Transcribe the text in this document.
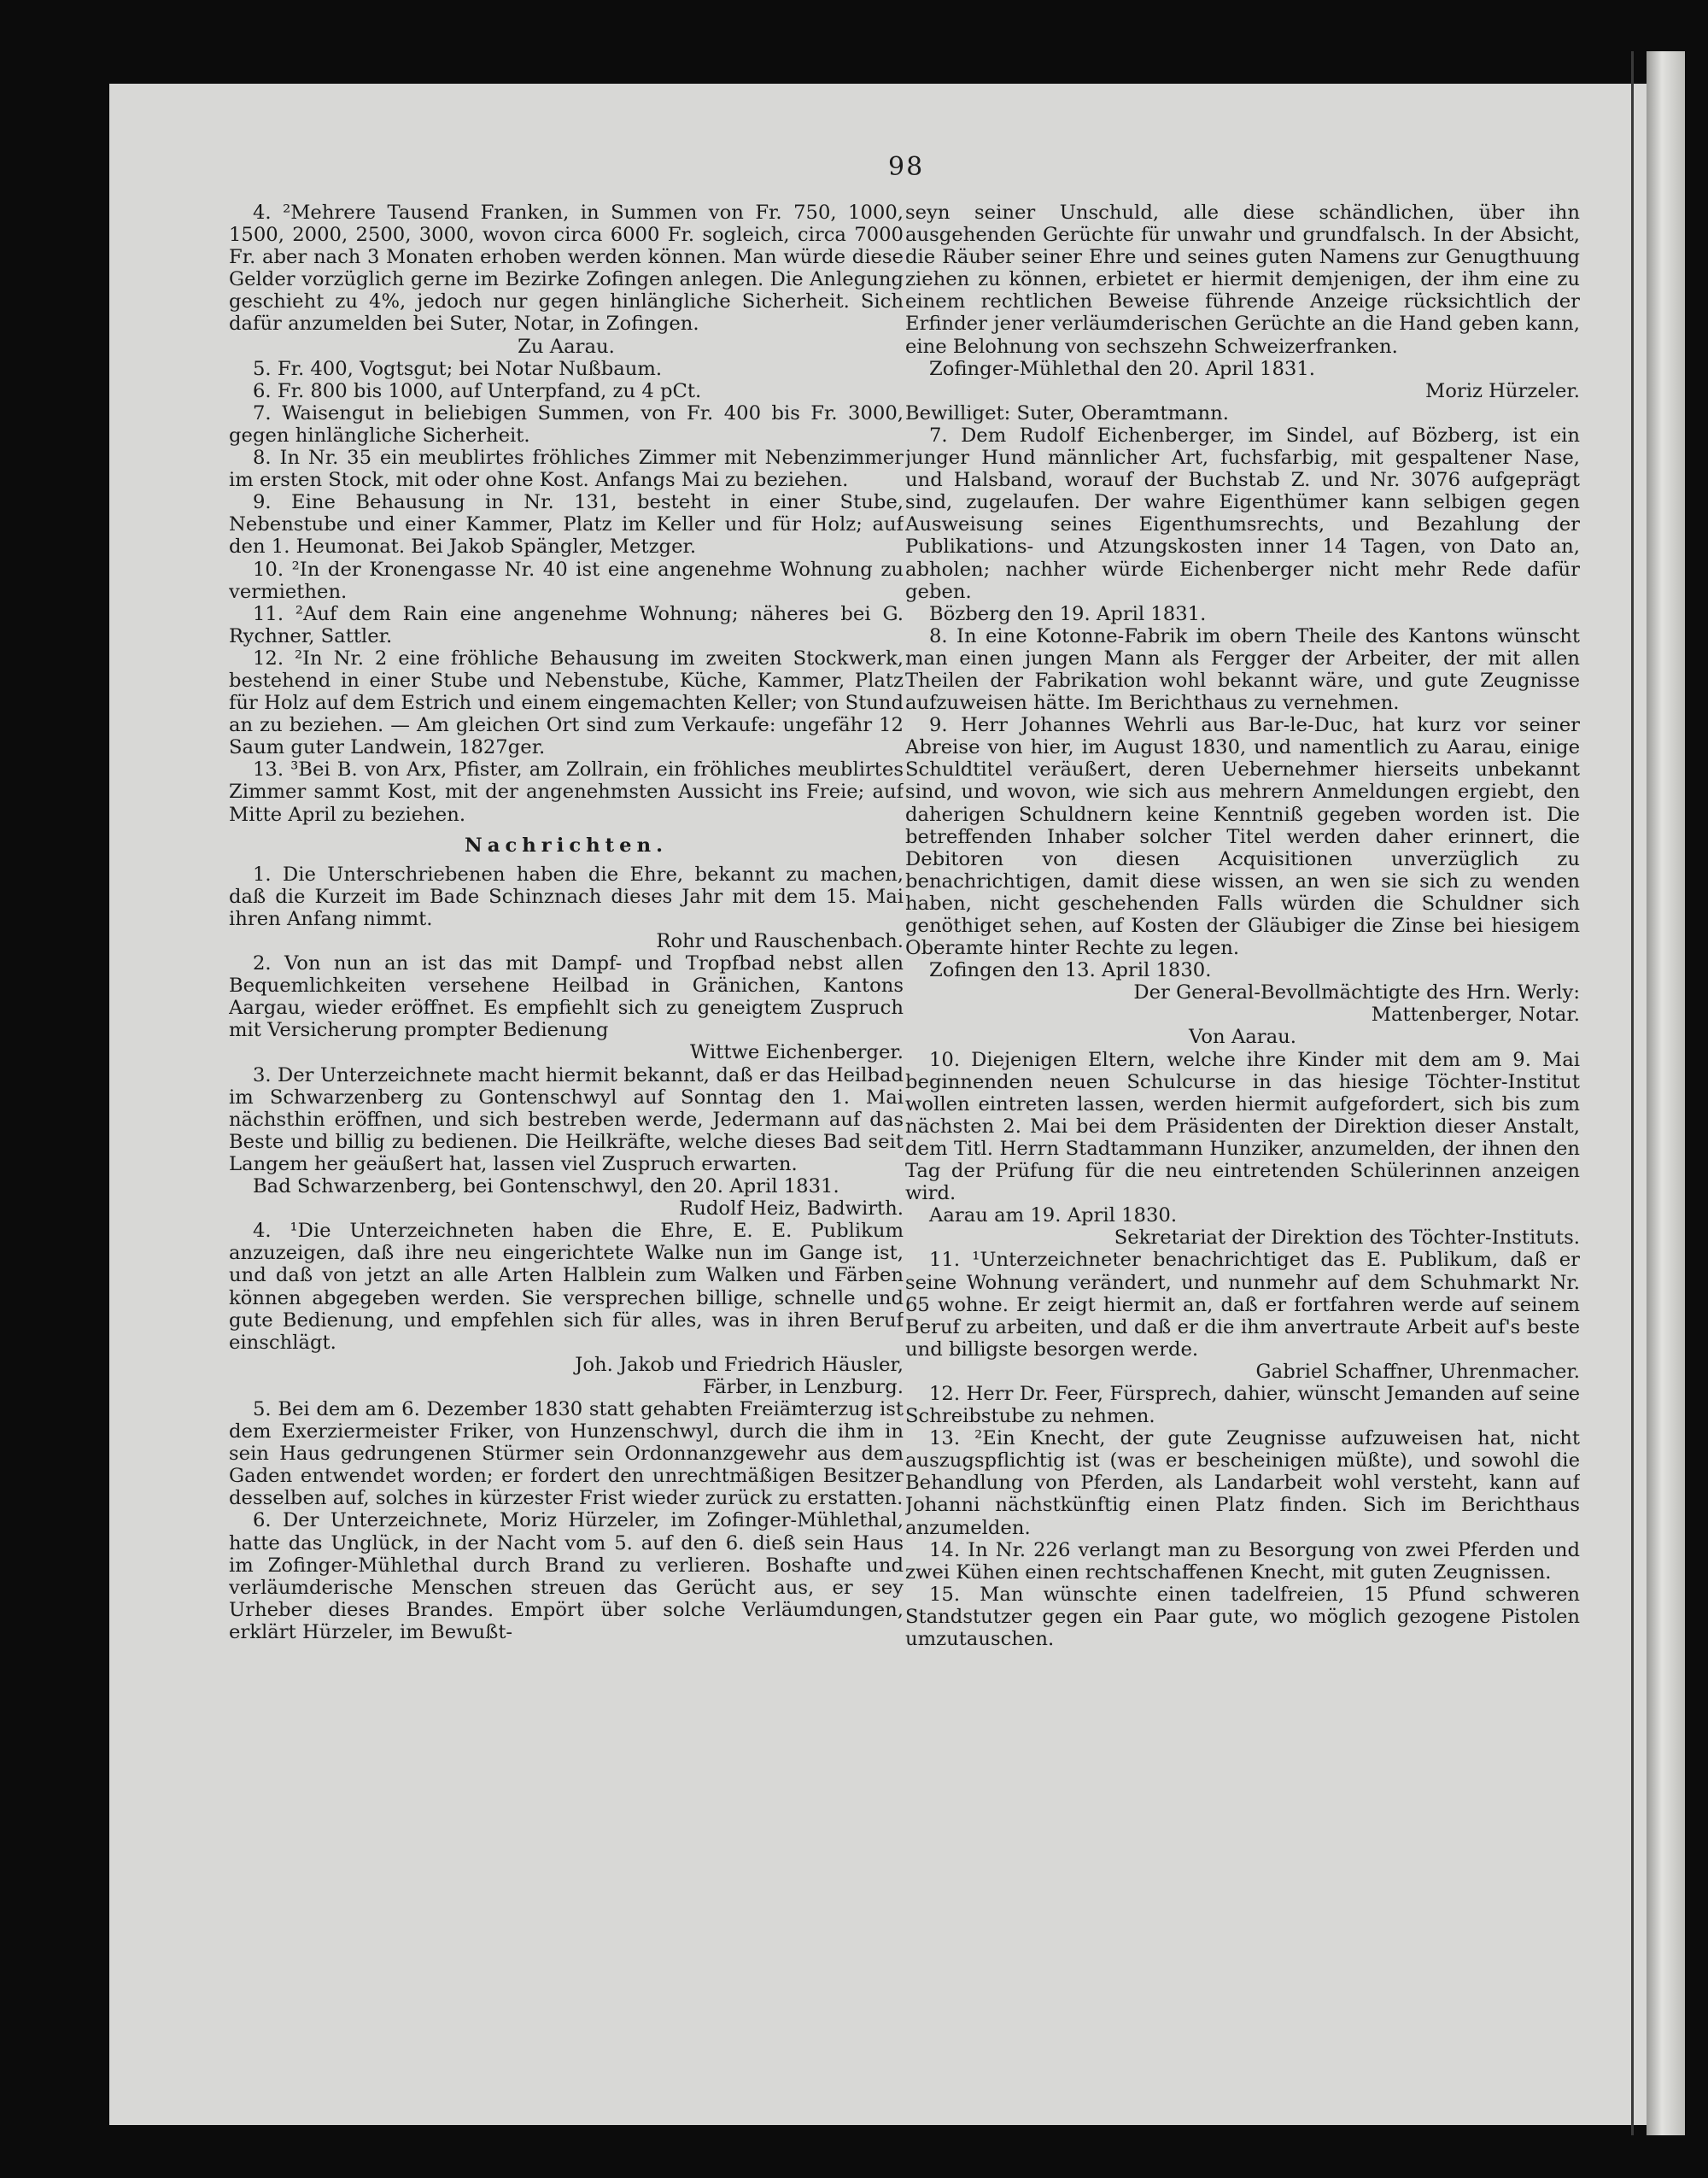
98

4. ²Mehrere Tausend Franken, in Summen von Fr. 750, 1000, 1500, 2000, 2500, 3000, wovon circa 6000 Fr. sogleich, circa 7000 Fr. aber nach 3 Monaten erhoben werden können. Man würde diese Gelder vorzüglich gerne im Bezirke Zofingen anlegen. Die Anlegung geschieht zu 4%, jedoch nur gegen hinlängliche Sicherheit. Sich dafür anzumelden bei Suter, Notar, in Zofingen.

Zu Aarau.

5. Fr. 400, Vogtsgut; bei Notar Nußbaum.

6. Fr. 800 bis 1000, auf Unterpfand, zu 4 pCt.

7. Waisengut in beliebigen Summen, von Fr. 400 bis Fr. 3000, gegen hinlängliche Sicherheit.

8. In Nr. 35 ein meublirtes fröhliches Zimmer mit Nebenzimmer im ersten Stock, mit oder ohne Kost. Anfangs Mai zu beziehen.

9. Eine Behausung in Nr. 131, besteht in einer Stube, Nebenstube und einer Kammer, Platz im Keller und für Holz; auf den 1. Heumonat. Bei Jakob Spängler, Metzger.

10. ²In der Kronengasse Nr. 40 ist eine angenehme Wohnung zu vermiethen.

11. ²Auf dem Rain eine angenehme Wohnung; näheres bei G. Rychner, Sattler.

12. ²In Nr. 2 eine fröhliche Behausung im zweiten Stockwerk, bestehend in einer Stube und Nebenstube, Küche, Kammer, Platz für Holz auf dem Estrich und einem eingemachten Keller; von Stund an zu beziehen. — Am gleichen Ort sind zum Verkaufe: ungefähr 12 Saum guter Landwein, 1827ger.

13. ³Bei B. von Arx, Pfister, am Zollrain, ein fröhliches meublirtes Zimmer sammt Kost, mit der angenehmsten Aussicht ins Freie; auf Mitte April zu beziehen.

Nachrichten.

1. Die Unterschriebenen haben die Ehre, bekannt zu machen, daß die Kurzeit im Bade Schinznach dieses Jahr mit dem 15. Mai ihren Anfang nimmt.

Rohr und Rauschenbach.

2. Von nun an ist das mit Dampf- und Tropfbad nebst allen Bequemlichkeiten versehene Heilbad in Gränichen, Kantons Aargau, wieder eröffnet. Es empfiehlt sich zu geneigtem Zuspruch mit Versicherung prompter Bedienung

Wittwe Eichenberger.

3. Der Unterzeichnete macht hiermit bekannt, daß er das Heilbad im Schwarzenberg zu Gontenschwyl auf Sonntag den 1. Mai nächsthin eröffnen, und sich bestreben werde, Jedermann auf das Beste und billig zu bedienen. Die Heilkräfte, welche dieses Bad seit Langem her geäußert hat, lassen viel Zuspruch erwarten.

Bad Schwarzenberg, bei Gontenschwyl, den 20. April 1831.

Rudolf Heiz, Badwirth.

4. ¹Die Unterzeichneten haben die Ehre, E. E. Publikum anzuzeigen, daß ihre neu eingerichtete Walke nun im Gange ist, und daß von jetzt an alle Arten Halblein zum Walken und Färben können abgegeben werden. Sie versprechen billige, schnelle und gute Bedienung, und empfehlen sich für alles, was in ihren Beruf einschlägt.

Joh. Jakob und Friedrich Häusler,

Färber, in Lenzburg.

5. Bei dem am 6. Dezember 1830 statt gehabten Freiämterzug ist dem Exerziermeister Friker, von Hunzenschwyl, durch die ihm in sein Haus gedrungenen Stürmer sein Ordonnanzgewehr aus dem Gaden entwendet worden; er fordert den unrechtmäßigen Besitzer desselben auf, solches in kürzester Frist wieder zurück zu erstatten.

6. Der Unterzeichnete, Moriz Hürzeler, im Zofinger-Mühlethal, hatte das Unglück, in der Nacht vom 5. auf den 6. dieß sein Haus im Zofinger-Mühlethal durch Brand zu verlieren. Boshafte und verläumderische Menschen streuen das Gerücht aus, er sey Urheber dieses Brandes. Empört über solche Verläumdungen, erklärt Hürzeler, im Bewußt-

seyn seiner Unschuld, alle diese schändlichen, über ihn ausgehenden Gerüchte für unwahr und grundfalsch. In der Absicht, die Räuber seiner Ehre und seines guten Namens zur Genugthuung ziehen zu können, erbietet er hiermit demjenigen, der ihm eine zu einem rechtlichen Beweise führende Anzeige rücksichtlich der Erfinder jener verläumderischen Gerüchte an die Hand geben kann, eine Belohnung von sechszehn Schweizerfranken.

Zofinger-Mühlethal den 20. April 1831.

Moriz Hürzeler.

Bewilliget: Suter, Oberamtmann.

7. Dem Rudolf Eichenberger, im Sindel, auf Bözberg, ist ein junger Hund männlicher Art, fuchsfarbig, mit gespaltener Nase, und Halsband, worauf der Buchstab Z. und Nr. 3076 aufgeprägt sind, zugelaufen. Der wahre Eigenthümer kann selbigen gegen Ausweisung seines Eigenthumsrechts, und Bezahlung der Publikations- und Atzungskosten inner 14 Tagen, von Dato an, abholen; nachher würde Eichenberger nicht mehr Rede dafür geben.

Bözberg den 19. April 1831.

8. In eine Kotonne-Fabrik im obern Theile des Kantons wünscht man einen jungen Mann als Fergger der Arbeiter, der mit allen Theilen der Fabrikation wohl bekannt wäre, und gute Zeugnisse aufzuweisen hätte. Im Berichthaus zu vernehmen.

9. Herr Johannes Wehrli aus Bar-le-Duc, hat kurz vor seiner Abreise von hier, im August 1830, und namentlich zu Aarau, einige Schuldtitel veräußert, deren Uebernehmer hierseits unbekannt sind, und wovon, wie sich aus mehrern Anmeldungen ergiebt, den daherigen Schuldnern keine Kenntniß gegeben worden ist. Die betreffenden Inhaber solcher Titel werden daher erinnert, die Debitoren von diesen Acquisitionen unverzüglich zu benachrichtigen, damit diese wissen, an wen sie sich zu wenden haben, nicht geschehenden Falls würden die Schuldner sich genöthiget sehen, auf Kosten der Gläubiger die Zinse bei hiesigem Oberamte hinter Rechte zu legen.

Zofingen den 13. April 1830.

Der General-Bevollmächtigte des Hrn. Werly:

Mattenberger, Notar.

Von Aarau.

10. Diejenigen Eltern, welche ihre Kinder mit dem am 9. Mai beginnenden neuen Schulcurse in das hiesige Töchter-Institut wollen eintreten lassen, werden hiermit aufgefordert, sich bis zum nächsten 2. Mai bei dem Präsidenten der Direktion dieser Anstalt, dem Titl. Herrn Stadtammann Hunziker, anzumelden, der ihnen den Tag der Prüfung für die neu eintretenden Schülerinnen anzeigen wird.

Aarau am 19. April 1830.

Sekretariat der Direktion des Töchter-Instituts.

11. ¹Unterzeichneter benachrichtiget das E. Publikum, daß er seine Wohnung verändert, und nunmehr auf dem Schuhmarkt Nr. 65 wohne. Er zeigt hiermit an, daß er fortfahren werde auf seinem Beruf zu arbeiten, und daß er die ihm anvertraute Arbeit auf's beste und billigste besorgen werde.

Gabriel Schaffner, Uhrenmacher.

12. Herr Dr. Feer, Fürsprech, dahier, wünscht Jemanden auf seine Schreibstube zu nehmen.

13. ²Ein Knecht, der gute Zeugnisse aufzuweisen hat, nicht auszugspflichtig ist (was er bescheinigen müßte), und sowohl die Behandlung von Pferden, als Landarbeit wohl versteht, kann auf Johanni nächstkünftig einen Platz finden. Sich im Berichthaus anzumelden.

14. In Nr. 226 verlangt man zu Besorgung von zwei Pferden und zwei Kühen einen rechtschaffenen Knecht, mit guten Zeugnissen.

15. Man wünschte einen tadelfreien, 15 Pfund schweren Standstutzer gegen ein Paar gute, wo möglich gezogene Pistolen umzutauschen.
